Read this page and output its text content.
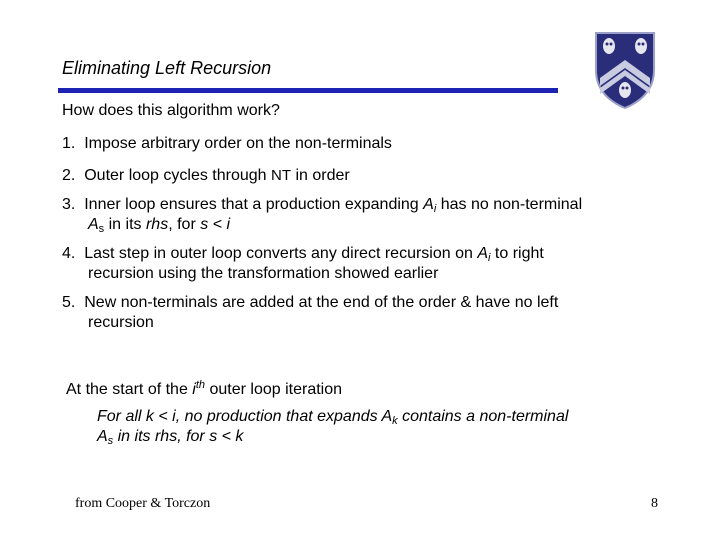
Eliminating Left Recursion
How does this algorithm work?
1. Impose arbitrary order on the non-terminals
2. Outer loop cycles through NT in order
3. Inner loop ensures that a production expanding $A_i$ has no non-terminal
$A_s$ in its rhs, for s < i
4. Last step in outer loop converts any direct recursion on $A_i$ to right
recursion using the transformation showed earlier
5. New non-terminals are added at the end of the order & have no left
recursion
At the start of the $i^{th}$ outer loop iteration
For all k < i, no production that expands $A_k$ contains a non-terminal
$A_s$ in its rhs, for s < k
from Cooper & Torczon	8
